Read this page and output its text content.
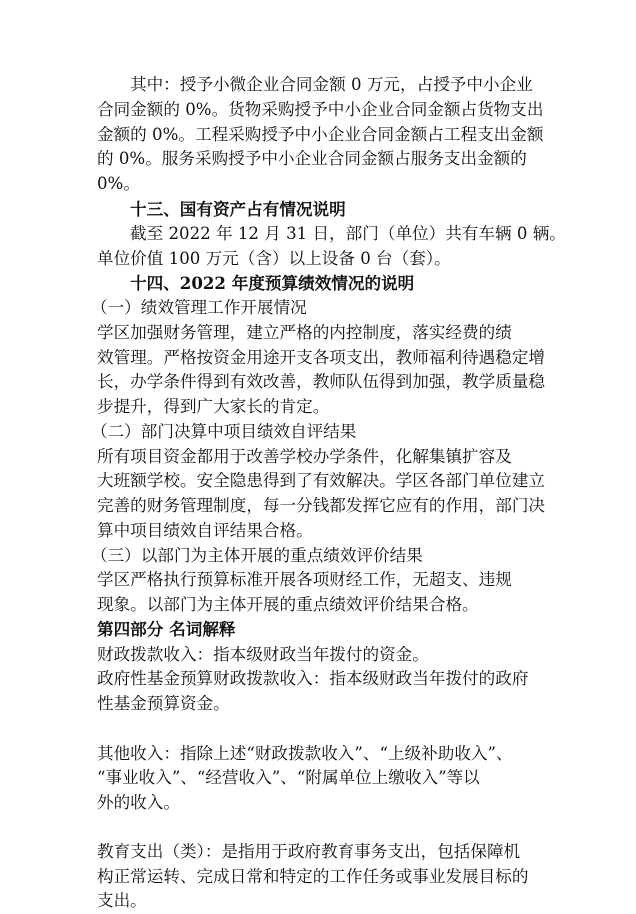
其中：授予小微企业合同金额 0 万元，占授予中小企业

合同金额的 0%。货物采购授予中小企业合同金额占货物支出

金额的 0%。工程采购授予中小企业合同金额占工程支出金额

的 0%。服务采购授予中小企业合同金额占服务支出金额的

0%。

十三、国有资产占有情况说明

截至 2022 年 12 月 31 日，部门（单位）共有车辆 0 辆。

单位价值 100 万元（含）以上设备 0 台（套）。

十四、2022 年度预算绩效情况的说明

（一）绩效管理工作开展情况

学区加强财务管理，建立严格的内控制度，落实经费的绩

效管理。严格按资金用途开支各项支出，教师福利待遇稳定增

长，办学条件得到有效改善，教师队伍得到加强，教学质量稳

步提升，得到广大家长的肯定。

（二）部门决算中项目绩效自评结果

所有项目资金都用于改善学校办学条件，化解集镇扩容及

大班额学校。安全隐患得到了有效解决。学区各部门单位建立

完善的财务管理制度，每一分钱都发挥它应有的作用，部门决

算中项目绩效自评结果合格。

（三）以部门为主体开展的重点绩效评价结果

学区严格执行预算标准开展各项财经工作，无超支、违规

现象。以部门为主体开展的重点绩效评价结果合格。

第四部分 名词解释

财政拨款收入：指本级财政当年拨付的资金。

政府性基金预算财政拨款收入：指本级财政当年拨付的政府

性基金预算资金。

其他收入：指除上述“财政拨款收入”、“上级补助收入”、

“事业收入”、“经营收入”、“附属单位上缴收入”等以

外的收入。

教育支出（类）：是指用于政府教育事务支出，包括保障机

构正常运转、完成日常和特定的工作任务或事业发展目标的

支出。
